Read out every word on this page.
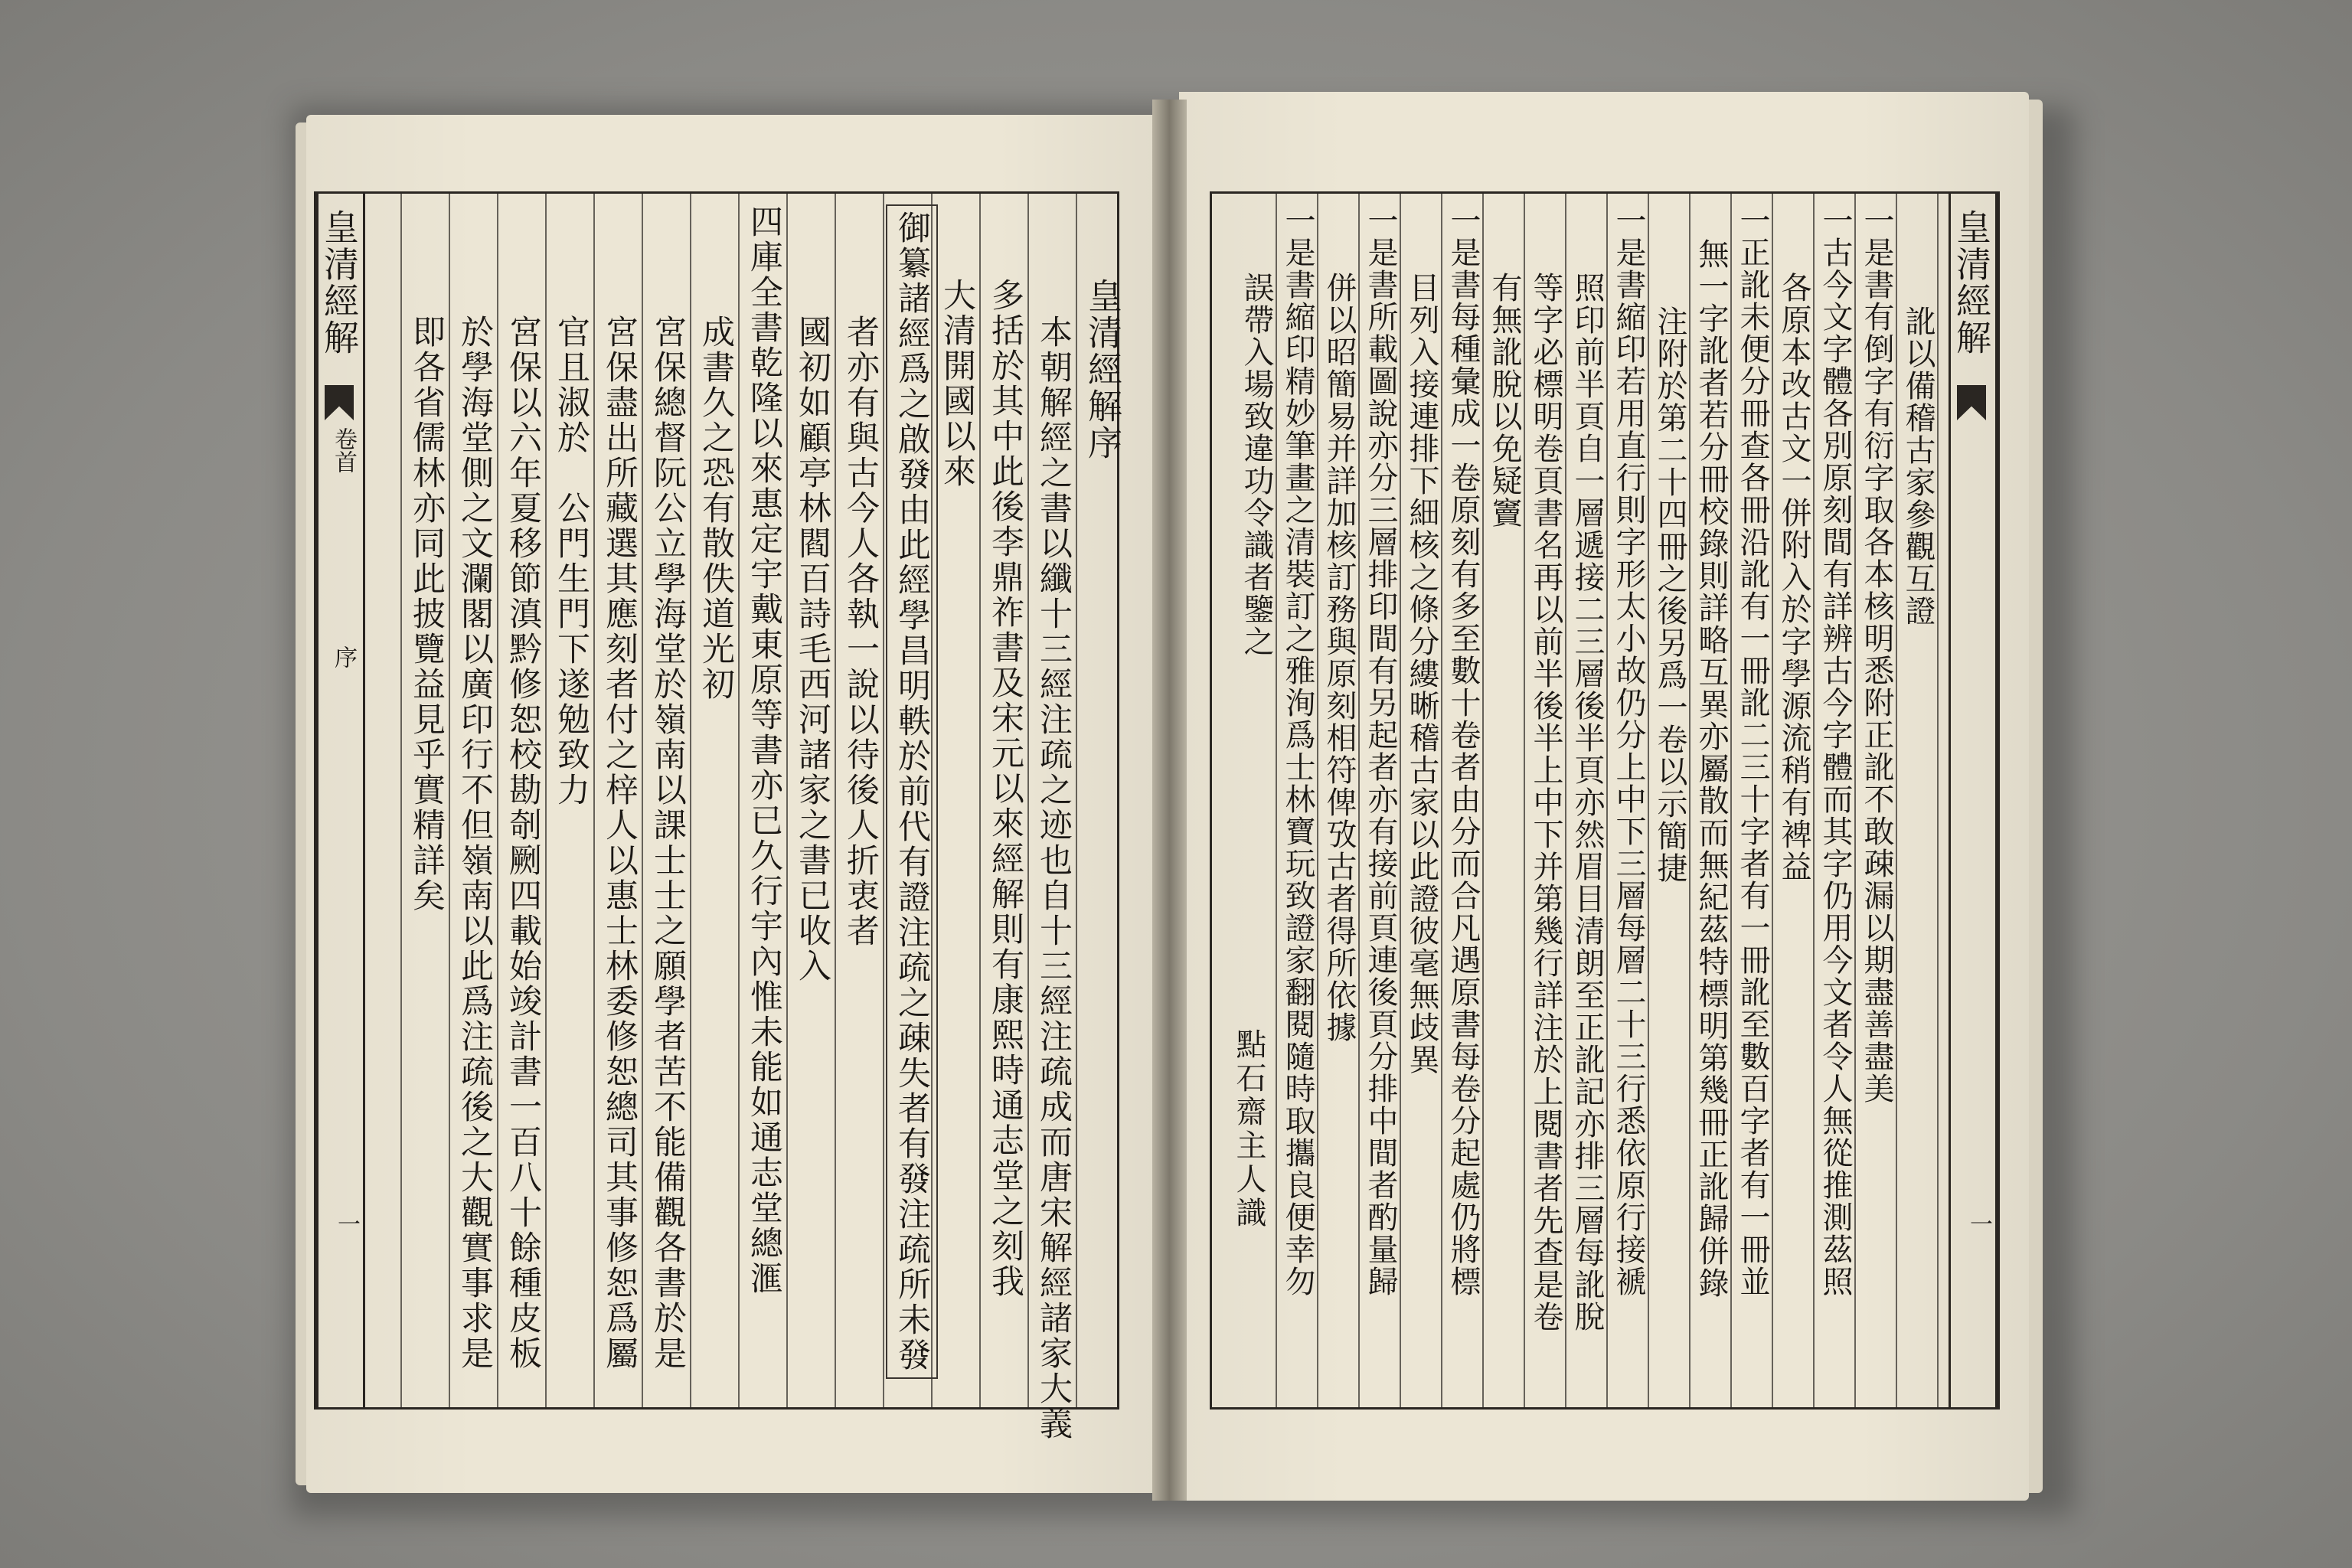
皇清經解
卷首
序
一
皇清經解序
本朝解經之書以纖十三經注疏之迹也自十三經注疏成而唐宋解經諸家大義
多括於其中此後李鼎祚書及宋元以來經解則有康熙時通志堂之刻我
大清開國以來
御纂諸經爲之啟發由此經學昌明軼於前代有證注疏之疎失者有發注疏所未發
者亦有與古今人各執一說以待後人折衷者
國初如顧亭林閻百詩毛西河諸家之書已收入
四庫全書乾隆以來惠定宇戴東原等書亦已久行宇內惟未能如通志堂總滙
成書久之恐有散佚道光初
宮保總督阮公立學海堂於嶺南以課士士之願學者苦不能備觀各書於是
宮保盡出所藏選其應刻者付之梓人以惠士林委修恕總司其事修恕爲屬
官且淑於　公門生門下遂勉致力
宮保以六年夏移節滇黔修恕校勘剞劂四載始竣計書一百八十餘種皮板
於學海堂側之文瀾閣以廣印行不但嶺南以此爲注疏後之大觀實事求是
即各省儒林亦同此披覽益見乎實精詳矣
皇清經解
一
點石齋主人識
訛以備稽古家參觀互證
一是書有倒字有衍字取各本核明悉附正訛不敢疎漏以期盡善盡美
一古今文字體各別原刻間有詳辨古今字體而其字仍用今文者令人無從推測茲照
各原本改古文一併附入於字學源流稍有裨益
一正訛未便分冊查各冊沿訛有一冊訛二三十字者有一冊訛至數百字者有一冊並
無一字訛者若分冊校錄則詳略互異亦屬散而無紀茲特標明第幾冊正訛歸併錄
注附於第二十四冊之後另爲一卷以示簡捷
一是書縮印若用直行則字形太小故仍分上中下三層每層二十三行悉依原行接褫
照印前半頁自一層遞接二三層後半頁亦然眉目清朗至正訛記亦排三層每訛脫
等字必標明卷頁書名再以前半後半上中下并第幾行詳注於上閱書者先查是卷
有無訛脫以免疑竇
一是書每種彙成一卷原刻有多至數十卷者由分而合凡遇原書每卷分起處仍將標
目列入接連排下細核之條分縷晰稽古家以此證彼毫無歧異
一是書所載圖說亦分三層排印間有另起者亦有接前頁連後頁分排中間者酌量歸
併以昭簡易并詳加核訂務與原刻相符俾攷古者得所依據
一是書縮印精妙筆畫之清裝訂之雅洵爲士林寶玩致證家翻閱隨時取攜良便幸勿
誤帶入場致違功令識者鑒之
